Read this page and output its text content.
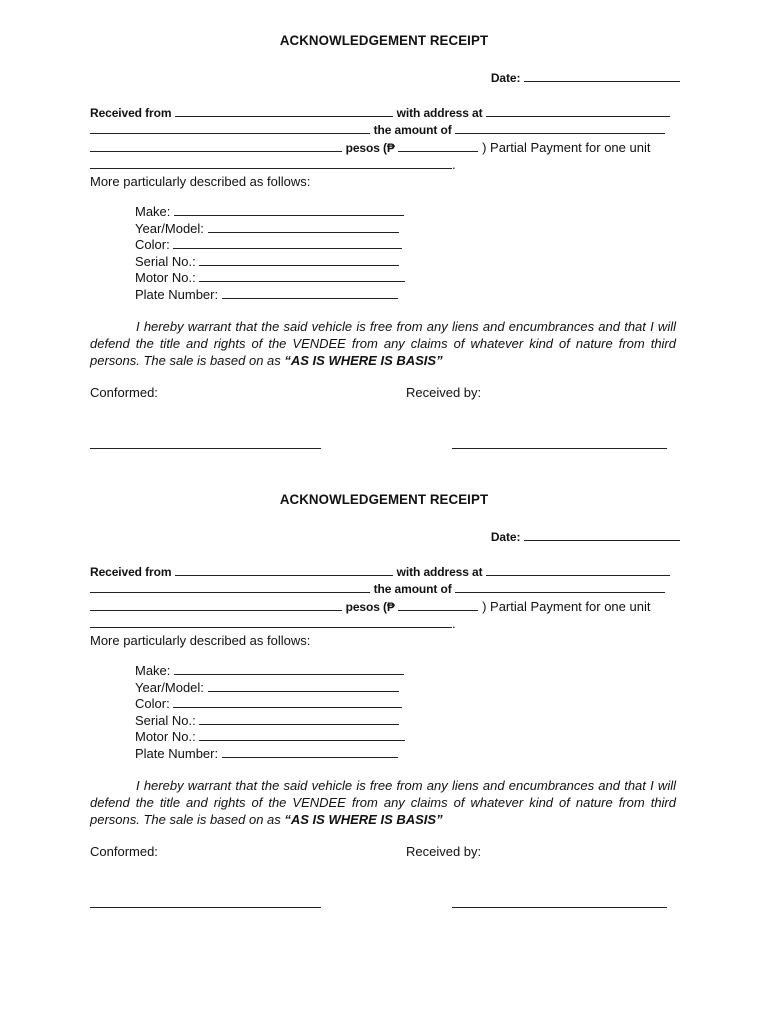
ACKNOWLEDGEMENT RECEIPT
Date:
Received from	with address at
the amount of
pesos (₱	) Partial Payment for one unit
.
More particularly described as follows:
Make:
Year/Model:
Color:
Serial No.:
Motor No.:
Plate Number:
I hereby warrant that the said vehicle is free from any liens and encumbrances and that I will defend the title and rights of the VENDEE from any claims of whatever kind of nature from third persons. The sale is based on as “AS IS WHERE IS BASIS”
Conformed:	Received by:
ACKNOWLEDGEMENT RECEIPT
Date:
Received from	with address at
the amount of
pesos (₱	) Partial Payment for one unit
.
More particularly described as follows:
Make:
Year/Model:
Color:
Serial No.:
Motor No.:
Plate Number:
I hereby warrant that the said vehicle is free from any liens and encumbrances and that I will defend the title and rights of the VENDEE from any claims of whatever kind of nature from third persons. The sale is based on as “AS IS WHERE IS BASIS”
Conformed:	Received by:
